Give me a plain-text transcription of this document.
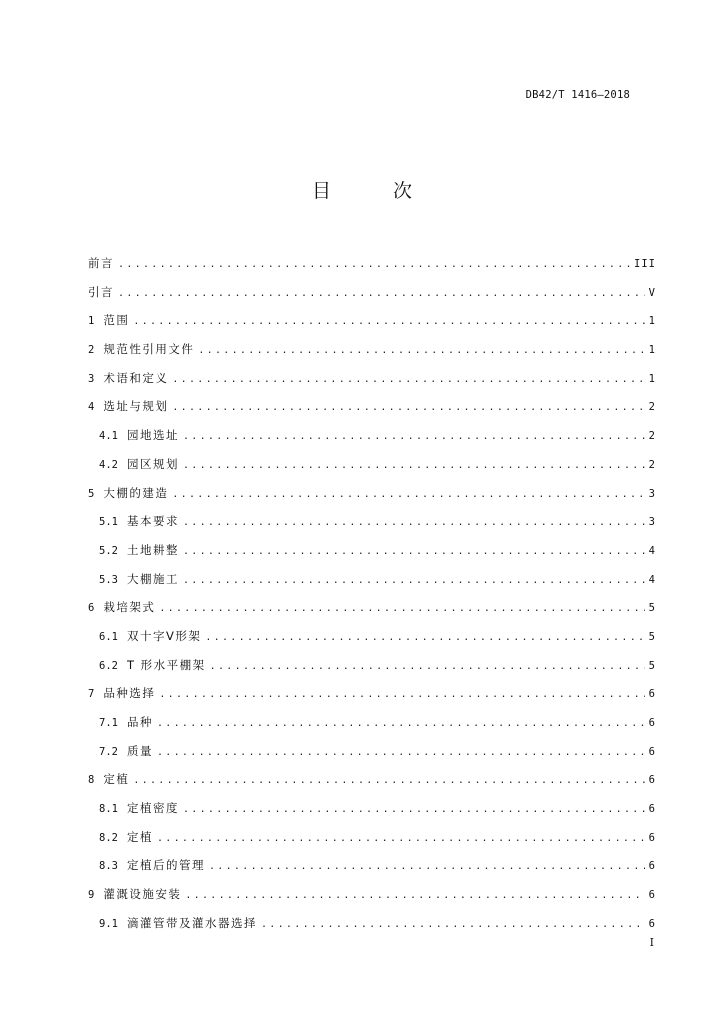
DB42/T 1416—2018
目 次
前言 .....	III
引言 .....	V
1 范围 .....	1
2 规范性引用文件 .....	1
3 术语和定义 .....	1
4 选址与规划 .....	2
4.1 园地选址 .....	2
4.2 园区规划 .....	2
5 大棚的建造 .....	3
5.1 基本要求 .....	3
5.2 土地耕整 .....	4
5.3 大棚施工 .....	4
6 栽培架式 .....	5
6.1 双十字V形架 .....	5
6.2 T 形水平棚架 .....	5
7 品种选择 .....	6
7.1 品种 .....	6
7.2 质量 .....	6
8 定植 .....	6
8.1 定植密度 .....	6
8.2 定植 .....	6
8.3 定植后的管理 .....	6
9 灌溉设施安装 .....	6
9.1 滴灌管带及灌水器选择 .....	6
I
